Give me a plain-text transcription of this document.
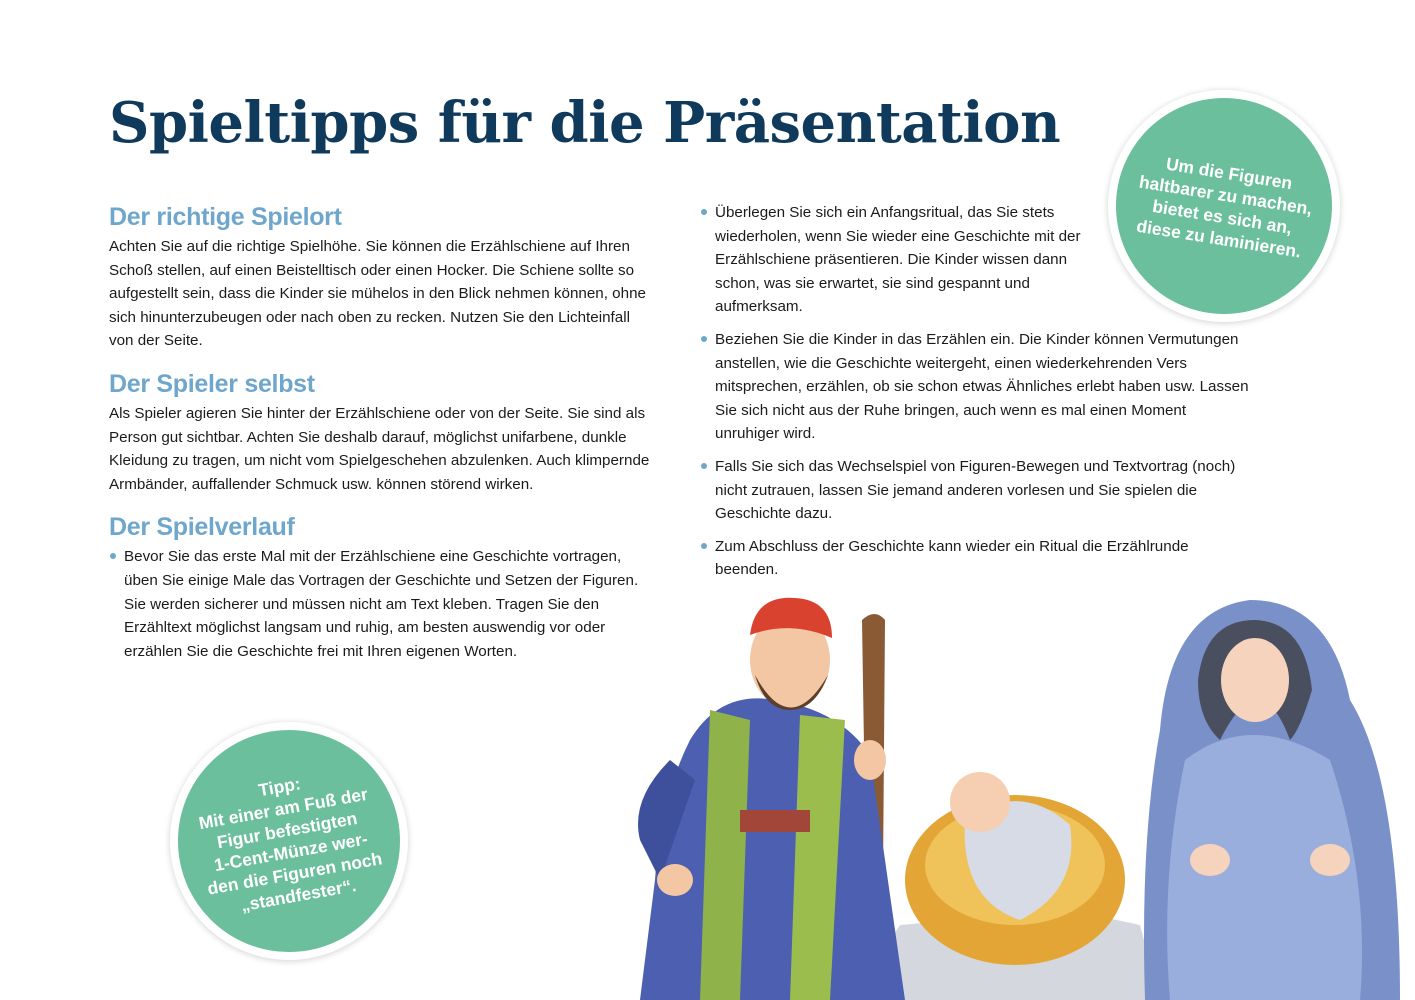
Spieltipps für die Präsentation
Der richtige Spielort

Achten Sie auf die richtige Spielhöhe. Sie können die Erzählschiene auf Ihren Schoß stellen, auf einen Beistelltisch oder einen Hocker. Die Schiene sollte so aufgestellt sein, dass die Kinder sie mühelos in den Blick nehmen können, ohne sich hinunterzubeugen oder nach oben zu recken. Nutzen Sie den Lichteinfall von der Seite.

Der Spieler selbst

Als Spieler agieren Sie hinter der Erzählschiene oder von der Seite. Sie sind als Person gut sichtbar. Achten Sie deshalb darauf, möglichst unifarbene, dunkle Kleidung zu tragen, um nicht vom Spielgeschehen abzulenken. Auch klimpernde Armbänder, auffallender Schmuck usw. können störend wirken.

Der Spielverlauf
Bevor Sie das erste Mal mit der Erzählschiene eine Geschichte vortragen, üben Sie einige Male das Vortragen der Geschichte und Setzen der Figuren. Sie werden sicherer und müssen nicht am Text kleben. Tragen Sie den Erzähltext möglichst langsam und ruhig, am besten auswendig vor oder erzählen Sie die Geschichte frei mit Ihren eigenen Worten.
Überlegen Sie sich ein Anfangsritual, das Sie stets wiederholen, wenn Sie wieder eine Geschichte mit der Erzählschiene präsentieren. Die Kinder wissen dann schon, was sie erwartet, sie sind gespannt und aufmerksam.
Beziehen Sie die Kinder in das Erzählen ein. Die Kinder können Vermutungen anstellen, wie die Geschichte weitergeht, einen wiederkehrenden Vers mitsprechen, erzählen, ob sie schon etwas Ähnliches erlebt haben usw. Lassen Sie sich nicht aus der Ruhe bringen, auch wenn es mal einen Moment unruhiger wird.
Falls Sie sich das Wechselspiel von Figuren-Bewegen und Textvortrag (noch) nicht zutrauen, lassen Sie jemand anderen vorlesen und Sie spielen die Geschichte dazu.
Zum Abschluss der Geschichte kann wieder ein Ritual die Erzählrunde beenden.
Um die Figuren
haltbarer zu machen,
bietet es sich an,
diese zu laminieren.
Tipp:
Mit einer am Fuß der
Figur befestigten
1-Cent-Münze wer-
den die Figuren noch
„standfester“.
